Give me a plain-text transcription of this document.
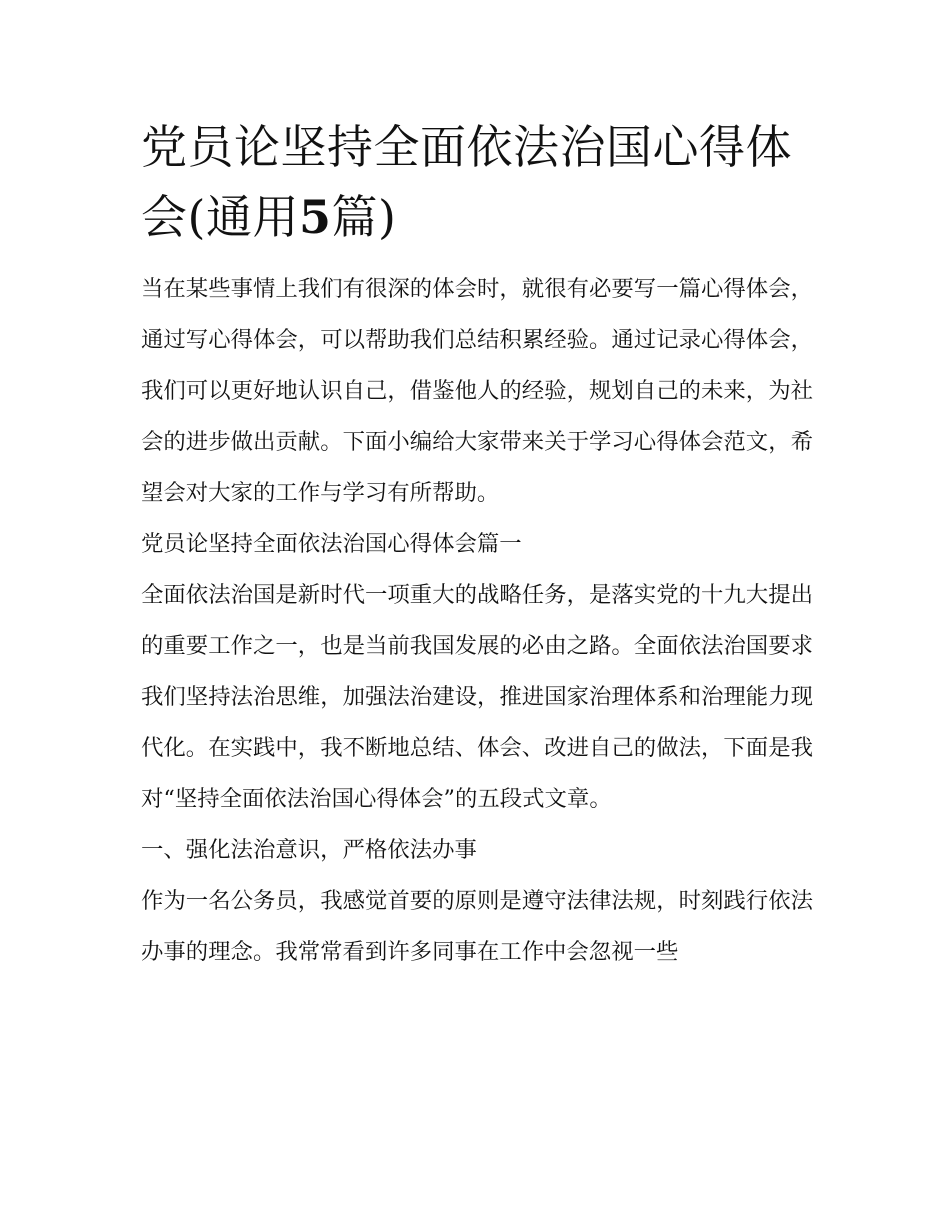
党员论坚持全面依法治国心得体会(通用5篇)

当在某些事情上我们有很深的体会时，就很有必要写一篇心得体会，通过写心得体会，可以帮助我们总结积累经验。通过记录心得体会，我们可以更好地认识自己，借鉴他人的经验，规划自己的未来，为社会的进步做出贡献。下面小编给大家带来关于学习心得体会范文，希望会对大家的工作与学习有所帮助。

党员论坚持全面依法治国心得体会篇一

全面依法治国是新时代一项重大的战略任务，是落实党的十九大提出的重要工作之一，也是当前我国发展的必由之路。全面依法治国要求我们坚持法治思维，加强法治建设，推进国家治理体系和治理能力现代化。在实践中，我不断地总结、体会、改进自己的做法，下面是我对“坚持全面依法治国心得体会”的五段式文章。

一、强化法治意识，严格依法办事

作为一名公务员，我感觉首要的原则是遵守法律法规，时刻践行依法办事的理念。我常常看到许多同事在工作中会忽视一些
